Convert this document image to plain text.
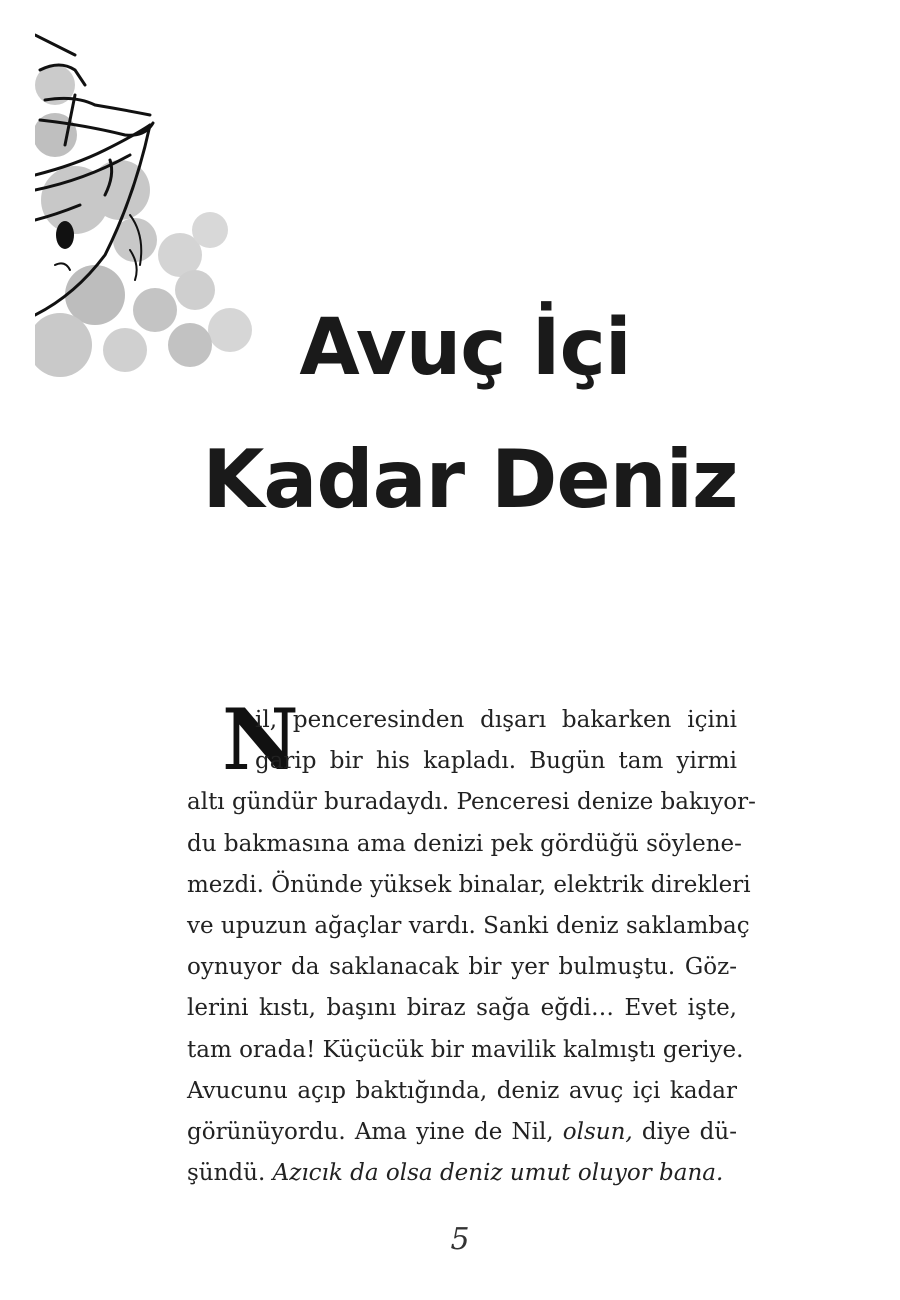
Avuç İçi
Kadar Deniz
N
il, penceresinden dışarı bakarken içini
garip bir his kapladı. Bugün tam yirmi
altı gündür buradaydı. Penceresi denize bakıyor-
du bakmasına ama denizi pek gördüğü söylene-
mezdi. Önünde yüksek binalar, elektrik direkleri
ve upuzun ağaçlar vardı. Sanki deniz saklambaç
oynuyor da saklanacak bir yer bulmuştu. Göz-
lerini kıstı, başını biraz sağa eğdi… Evet işte,
tam orada! Küçücük bir mavilik kalmıştı geriye.
Avucunu açıp baktığında, deniz avuç içi kadar
görünüyordu. Ama yine de Nil, olsun, diye dü-
şündü. Azıcık da olsa deniz umut oluyor bana.
5
